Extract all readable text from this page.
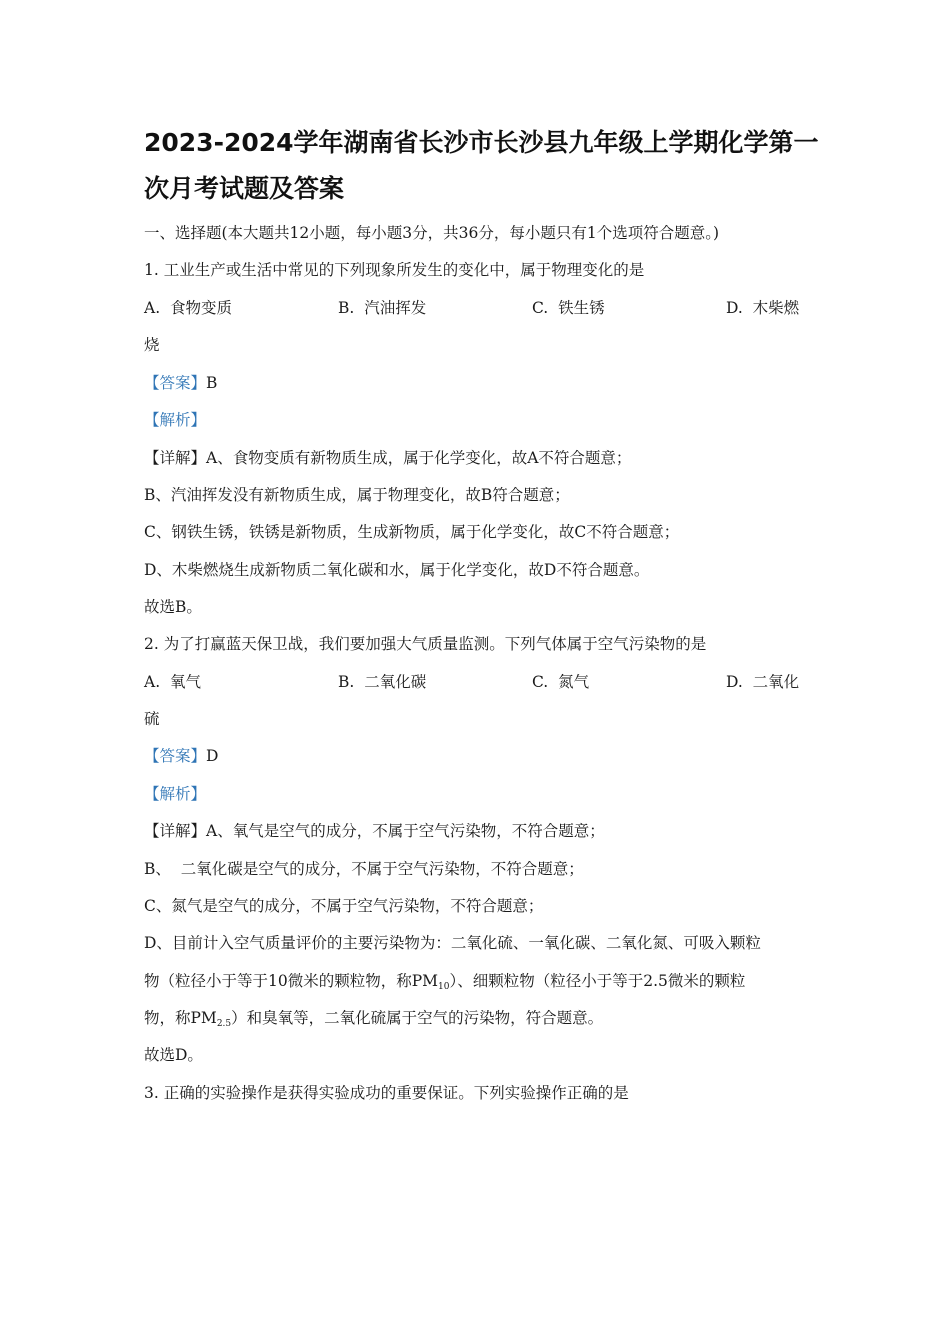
2023-2024学年湖南省长沙市长沙县九年级上学期化学第一
次月考试题及答案
一、选择题(本大题共12小题，每小题3分，共36分，每小题只有1个选项符合题意。)
1. 工业生产或生活中常见的下列现象所发生的变化中，属于物理变化的是
A. 食物变质	B. 汽油挥发	C. 铁生锈	D. 木柴燃
烧
【答案】B
【解析】
【详解】A、食物变质有新物质生成，属于化学变化，故A不符合题意；
B、汽油挥发没有新物质生成，属于物理变化，故B符合题意；
C、钢铁生锈，铁锈是新物质，生成新物质，属于化学变化，故C不符合题意；
D、木柴燃烧生成新物质二氧化碳和水，属于化学变化，故D不符合题意。
故选B。
2. 为了打赢蓝天保卫战，我们要加强大气质量监测。下列气体属于空气污染物的是
A. 氧气	B. 二氧化碳	C. 氮气	D. 二氧化
硫
【答案】D
【解析】
【详解】A、氧气是空气的成分，不属于空气污染物，不符合题意；
B、  二氧化碳是空气的成分，不属于空气污染物，不符合题意；
C、氮气是空气的成分，不属于空气污染物，不符合题意；
D、目前计入空气质量评价的主要污染物为：二氧化硫、一氧化碳、二氧化氮、可吸入颗粒
物（粒径小于等于10微米的颗粒物，称$PM_{10}$）、细颗粒物（粒径小于等于2.5微米的颗粒
物，称$PM_{2.5}$）和臭氧等，二氧化硫属于空气的污染物，符合题意。
故选D。
3. 正确的实验操作是获得实验成功的重要保证。下列实验操作正确的是
